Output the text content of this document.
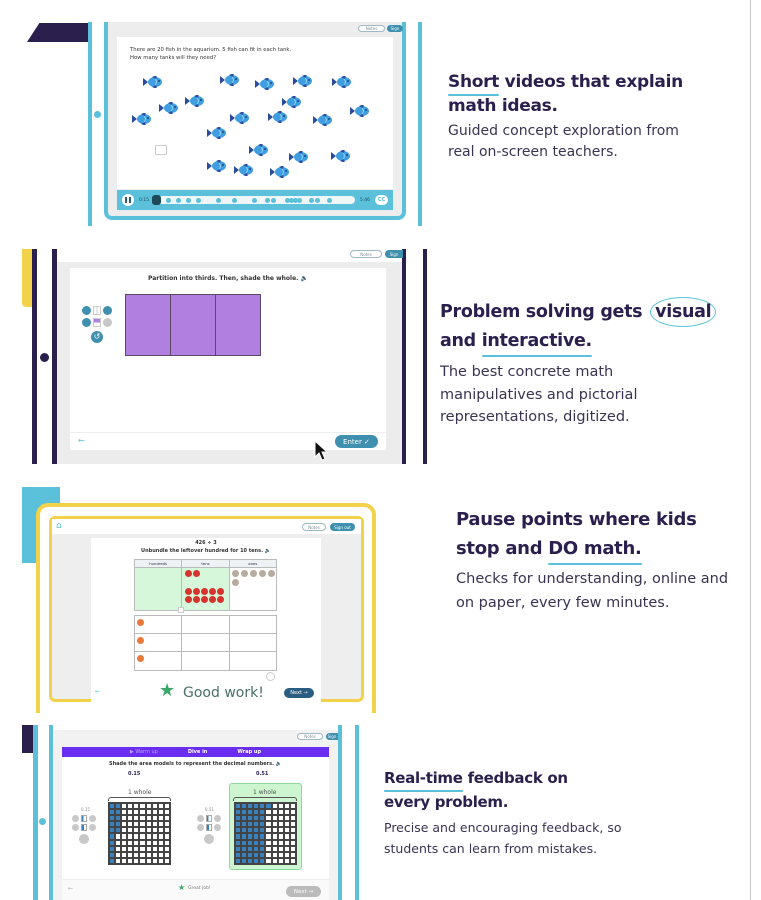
Notes	Sign
There are 20 fish in the aquarium. 5 fish can fit in each tank.
How many tanks will they need?
0:15	5:46 CC
Short videos that explain math ideas.

Guided concept exploration from real on-screen teachers.

Notes	Sign
Partition into thirds. Then, shade the whole. 🔈
↺
←	Enter ✓
Problem solving gets visual
and interactive.

The best concrete math manipulatives and pictorial representations, digitized.

⌂	Notes	Sign out
426 ÷ 3
Unbundle the leftover hundred for 10 tens. 🔈
hundreds	tens	ones
←	★ Good work!	Next →
Pause points where kids stop and DO math.

Checks for understanding, online and on paper, every few minutes.

Notes	Sign
▶ Warm up	Dive in	Wrap up
Shade the area models to represent the decimal numbers. 🔈
0.15	0.51
0.15
1 whole
0.51
1 whole
←	★ Great job!	Next →
Real-time feedback on every problem.

Precise and encouraging feedback, so students can learn from mistakes.
